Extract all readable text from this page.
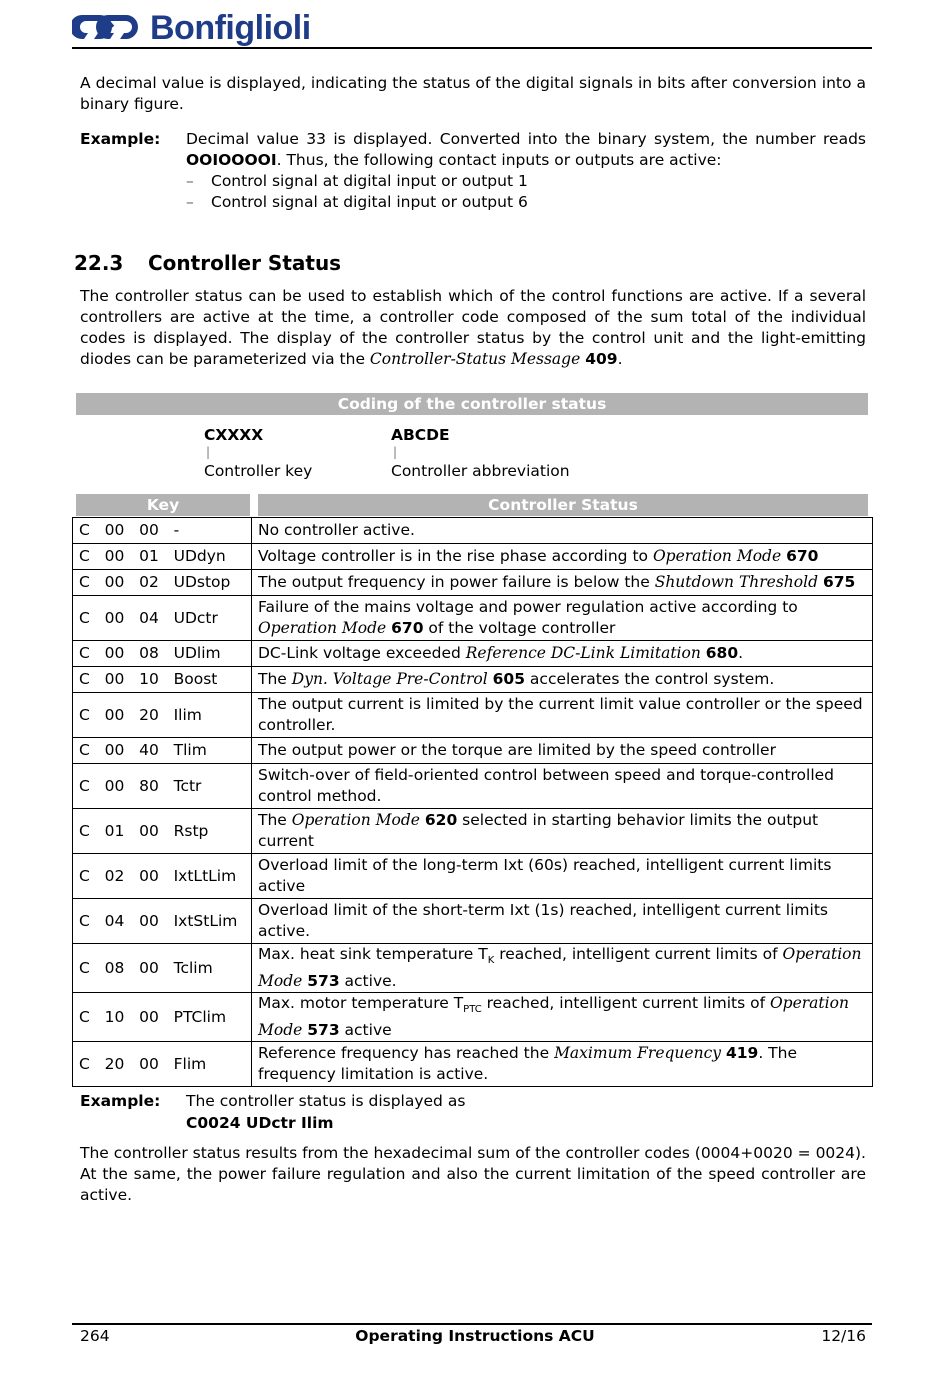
Bonfiglioli
A decimal value is displayed, indicating the status of the digital signals in bits after conversion into a binary figure.
Example: Decimal value 33 is displayed. Converted into the binary system, the number reads OOIOOOOI. Thus, the following contact inputs or outputs are active:
–	Control signal at digital input or output 1
–	Control signal at digital input or output 6
22.3 Controller Status
The controller status can be used to establish which of the control functions are active. If a several controllers are active at the time, a controller code composed of the sum total of the individual codes is displayed. The display of the controller status by the control unit and the light-emitting diodes can be parameterized via the Controller-Status Message 409.
Coding of the controller status
CXXXX
|
Controller key
ABCDE
|
Controller abbreviation
Key	Controller Status
C   00   00   -	No controller active.
C   00   01   UDdyn	Voltage controller is in the rise phase according to Operation Mode 670
C   00   02   UDstop	The output frequency in power failure is below the Shutdown Threshold 675
C   00   04   UDctr	Failure of the mains voltage and power regulation active according to Operation Mode 670 of the voltage controller
C   00   08   UDlim	DC-Link voltage exceeded Reference DC-Link Limitation 680.
C   00   10   Boost	The Dyn. Voltage Pre-Control 605 accelerates the control system.
C   00   20   Ilim	The output current is limited by the current limit value controller or the speed controller.
C   00   40   Tlim	The output power or the torque are limited by the speed controller
C   00   80   Tctr	Switch-over of field-oriented control between speed and torque-controlled control method.
C   01   00   Rstp	The Operation Mode 620 selected in starting behavior limits the output current
C   02   00   IxtLtLim	Overload limit of the long-term Ixt (60s) reached, intelligent current limits active
C   04   00   IxtStLim	Overload limit of the short-term Ixt (1s) reached, intelligent current limits active.
C   08   00   Tclim	Max. heat sink temperature $T_K$ reached, intelligent current limits of Operation Mode 573 active.
C   10   00   PTClim	Max. motor temperature $T_{PTC}$ reached, intelligent current limits of Operation Mode 573 active
C   20   00   Flim	Reference frequency has reached the Maximum Frequency 419. The frequency limitation is active.
Example: The controller status is displayed as
C0024 UDctr Ilim
The controller status results from the hexadecimal sum of the controller codes (0004+0020 = 0024). At the same, the power failure regulation and also the current limitation of the speed controller are active.
264	Operating Instructions ACU	12/16
